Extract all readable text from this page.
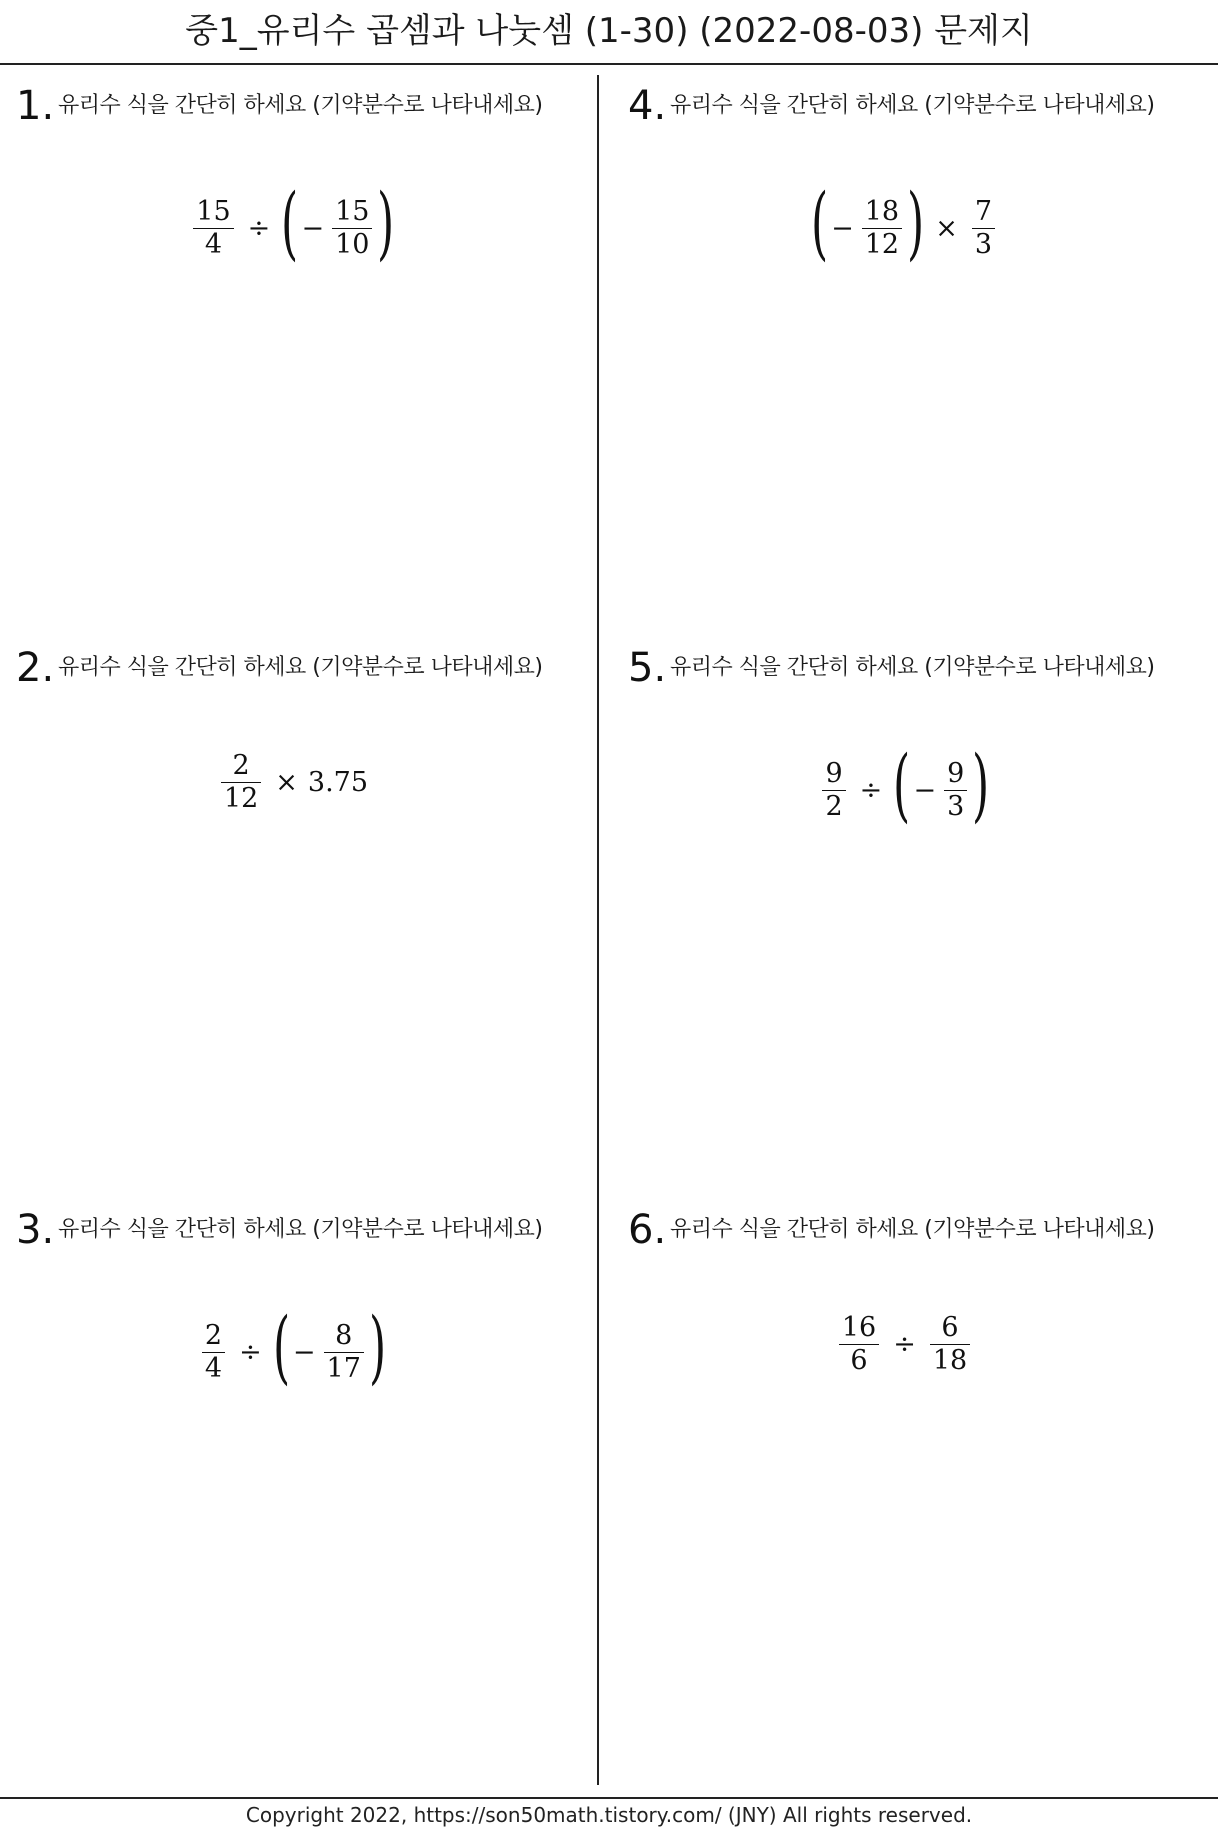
중1_유리수 곱셈과 나눗셈 (1-30) (2022-08-03) 문제지
1. 유리수 식을 간단히 하세요 (기약분수로 나타내세요)
$\frac{15}{4}$ ÷ ( − $\frac{15}{10}$ )
2. 유리수 식을 간단히 하세요 (기약분수로 나타내세요)
$\frac{2}{12} \times 3.75$
3. 유리수 식을 간단히 하세요 (기약분수로 나타내세요)
$\frac{2}{4}$ ÷ ( − $\frac{8}{17}$ )
4. 유리수 식을 간단히 하세요 (기약분수로 나타내세요)
( − $\frac{18}{12}$ ) × $\frac{7}{3}$
5. 유리수 식을 간단히 하세요 (기약분수로 나타내세요)
$\frac{9}{2}$ ÷ ( − $\frac{9}{3}$ )
6. 유리수 식을 간단히 하세요 (기약분수로 나타내세요)
$\frac{16}{6} \div \frac{6}{18}$
Copyright 2022, https://son50math.tistory.com/ (JNY) All rights reserved.
